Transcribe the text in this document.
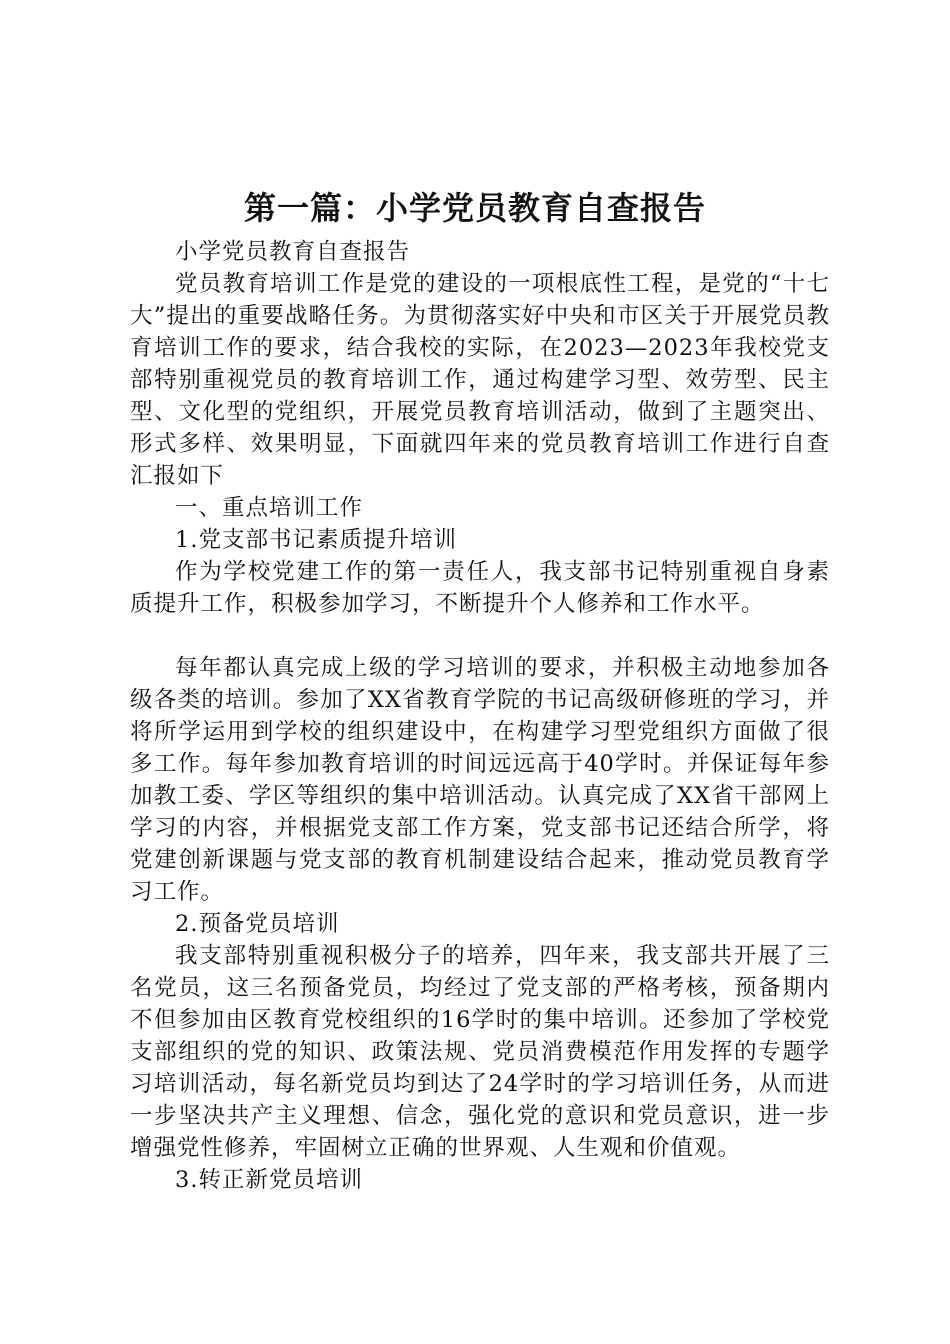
第一篇：小学党员教育自查报告

小学党员教育自查报告

党员教育培训工作是党的建设的一项根底性工程，是党的“十七大”提出的重要战略任务。为贯彻落实好中央和市区关于开展党员教育培训工作的要求，结合我校的实际，在2023—2023年我校党支部特别重视党员的教育培训工作，通过构建学习型、效劳型、民主型、文化型的党组织，开展党员教育培训活动，做到了主题突出、形式多样、效果明显，下面就四年来的党员教育培训工作进行自查汇报如下

一、重点培训工作

1.党支部书记素质提升培训

作为学校党建工作的第一责任人，我支部书记特别重视自身素质提升工作，积极参加学习，不断提升个人修养和工作水平。

每年都认真完成上级的学习培训的要求，并积极主动地参加各级各类的培训。参加了XX省教育学院的书记高级研修班的学习，并将所学运用到学校的组织建设中，在构建学习型党组织方面做了很多工作。每年参加教育培训的时间远远高于40学时。并保证每年参加教工委、学区等组织的集中培训活动。认真完成了XX省干部网上学习的内容，并根据党支部工作方案，党支部书记还结合所学，将党建创新课题与党支部的教育机制建设结合起来，推动党员教育学习工作。

2.预备党员培训

我支部特别重视积极分子的培养，四年来，我支部共开展了三名党员，这三名预备党员，均经过了党支部的严格考核，预备期内不但参加由区教育党校组织的16学时的集中培训。还参加了学校党支部组织的党的知识、政策法规、党员消费模范作用发挥的专题学习培训活动，每名新党员均到达了24学时的学习培训任务，从而进一步坚决共产主义理想、信念，强化党的意识和党员意识，进一步增强党性修养，牢固树立正确的世界观、人生观和价值观。

3.转正新党员培训
